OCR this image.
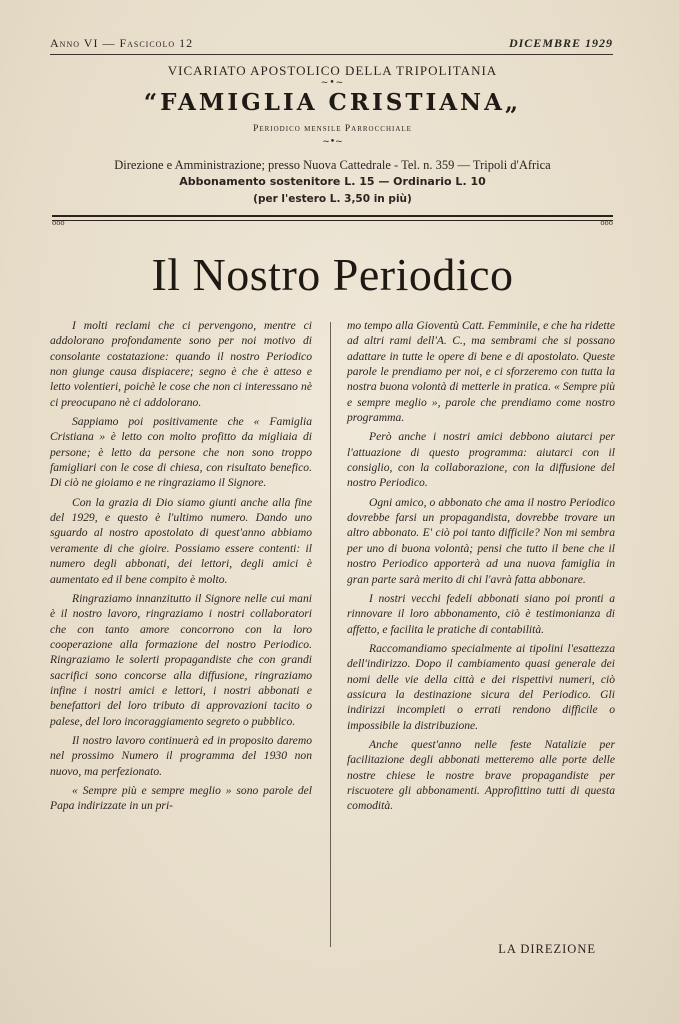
Anno VI — Fascicolo 12	DICEMBRE 1929
VICARIATO APOSTOLICO DELLA TRIPOLITANIA
~•~
“FAMIGLIA CRISTIANA„
Periodico mensile Parrocchiale
~•~
Direzione e Amministrazione; presso Nuova Cattedrale - Tel. n. 359 — Tripoli d'Africa
Abbonamento sostenitore L. 15 — Ordinario L. 10
(per l'estero L. 3,50 in più)
ooo	ooo
Il Nostro Periodico

I molti reclami che ci pervengono, mentre ci addolorano profondamente sono per noi motivo di consolante costatazione: quando il nostro Periodico non giunge causa dispiacere; segno è che è atteso e letto volentieri, poichè le cose che non ci interessano nè ci preocupano nè ci addolorano.

Sappiamo poi positivamente che « Famiglia Cristiana » è letto con molto profitto da migliaia di persone; è letto da persone che non sono troppo famigliari con le cose di chiesa, con risultato benefico. Di ciò ne gioiamo e ne ringraziamo il Signore.

Con la grazia di Dio siamo giunti anche alla fine del 1929, e questo è l'ultimo numero. Dando uno sguardo al nostro apostolato di quest'anno abbiamo veramente di che gioire. Possiamo essere contenti: il numero degli abbonati, dei lettori, degli amici è aumentato ed il bene compito è molto.

Ringraziamo innanzitutto il Signore nelle cui mani è il nostro lavoro, ringraziamo i nostri collaboratori che con tanto amore concorrono con la loro cooperazione alla formazione del nostro Periodico. Ringraziamo le solerti propagandiste che con grandi sacrifici sono concorse alla diffusione, ringraziamo infine i nostri amici e lettori, i nostri abbonati e benefattori del loro tributo di approvazioni tacito o palese, del loro incoraggiamento segreto o pubblico.

Il nostro lavoro continuerà ed in proposito daremo nel prossimo Numero il programma del 1930 non nuovo, ma perfezionato.

« Sempre più e sempre meglio » sono parole del Papa indirizzate in un pri-

mo tempo alla Gioventù Catt. Femminile, e che ha ridette ad altri rami dell'A. C., ma sembrami che si possano adattare in tutte le opere di bene e di apostolato. Queste parole le prendiamo per noi, e ci sforzeremo con tutta la nostra buona volontà di metterle in pratica. « Sempre più e sempre meglio », parole che prendiamo come nostro programma.

Però anche i nostri amici debbono aiutarci per l'attuazione di questo programma: aiutarci con il consiglio, con la collaborazione, con la diffusione del nostro Periodico.

Ogni amico, o abbonato che ama il nostro Periodico dovrebbe farsi un propagandista, dovrebbe trovare un altro abbonato. E' ciò poi tanto difficile? Non mi sembra per uno di buona volontà; pensi che tutto il bene che il nostro Periodico apporterà ad una nuova famiglia in gran parte sarà merito di chi l'avrà fatta abbonare.

I nostri vecchi fedeli abbonati siano poi pronti a rinnovare il loro abbonamento, ciò è testimonianza di affetto, e facilita le pratiche di contabilità.

Raccomandiamo specialmente ai tipolini l'esattezza dell'indirizzo. Dopo il cambiamento quasi generale dei nomi delle vie della città e dei rispettivi numeri, ciò assicura la destinazione sicura del Periodico. Gli indirizzi incompleti o errati rendono difficile o impossibile la distribuzione.

Anche quest'anno nelle feste Natalizie per facilitazione degli abbonati metteremo alle porte delle nostre chiese le nostre brave propagandiste per riscuotere gli abbonamenti. Approfittino tutti di questa comodità.

LA DIREZIONE
